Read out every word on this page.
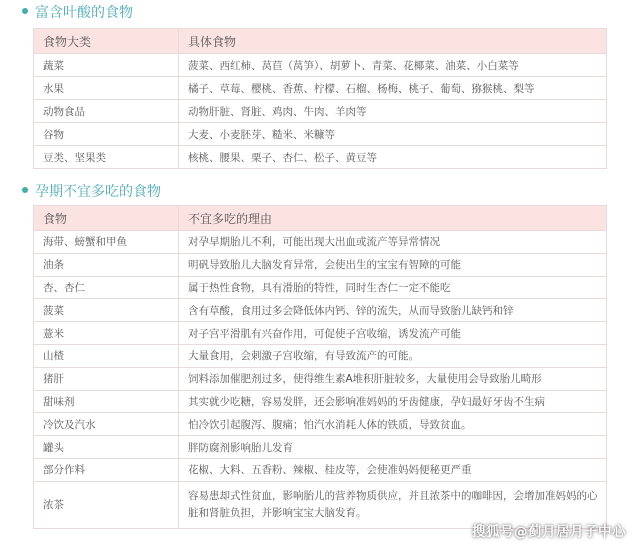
富含叶酸的食物
食物大类	具体食物
蔬菜	菠菜、西红柿、莴苣（莴笋）、胡萝卜、青菜、花椰菜、油菜、小白菜等
水果	橘子、草莓、樱桃、香蕉、柠檬、石榴、杨梅、桃子、葡萄、猕猴桃、梨等
动物食品	动物肝脏、肾脏、鸡肉、牛肉、羊肉等
谷物	大麦、小麦胚芽、糙米、米糠等
豆类、坚果类	核桃、腰果、栗子、杏仁、松子、黄豆等
孕期不宜多吃的食物
食物	不宜多吃的理由
海带、螃蟹和甲鱼	对孕早期胎儿不利，可能出现大出血或流产等异常情况
油条	明矾导致胎儿大脑发育异常，会使出生的宝宝有智障的可能
杏、杏仁	属于热性食物，具有滑胎的特性，同时生杏仁一定不能吃
菠菜	含有草酸，食用过多会降低体内钙、锌的流失，从而导致胎儿缺钙和锌
薏米	对子宫平滑肌有兴奋作用，可促使子宫收缩，诱发流产可能
山楂	大量食用，会刺激子宫收缩，有导致流产的可能。
猪肝	饲料添加催肥剂过多，使得维生素A堆积肝脏较多，大量使用会导致胎儿畸形
甜味剂	其实就少吃糖，容易发胖，还会影响准妈妈的牙齿健康，孕妇最好牙齿不生病
冷饮及汽水	怕冷饮引起腹泻、腹痛；怕汽水消耗人体的铁质，导致贫血。
罐头	胖防腐剂影响胎儿发育
部分作料	花椒、大料、五香粉、辣椒、桂皮等，会使准妈妈便秘更严重
浓茶	容易患却式性贫血，影响胎儿的营养物质供应，并且浓茶中的咖啡因，会增加准妈妈的心脏和肾脏负担，并影响宝宝大脑发育。
搜狐号@蓟月居月子中心
